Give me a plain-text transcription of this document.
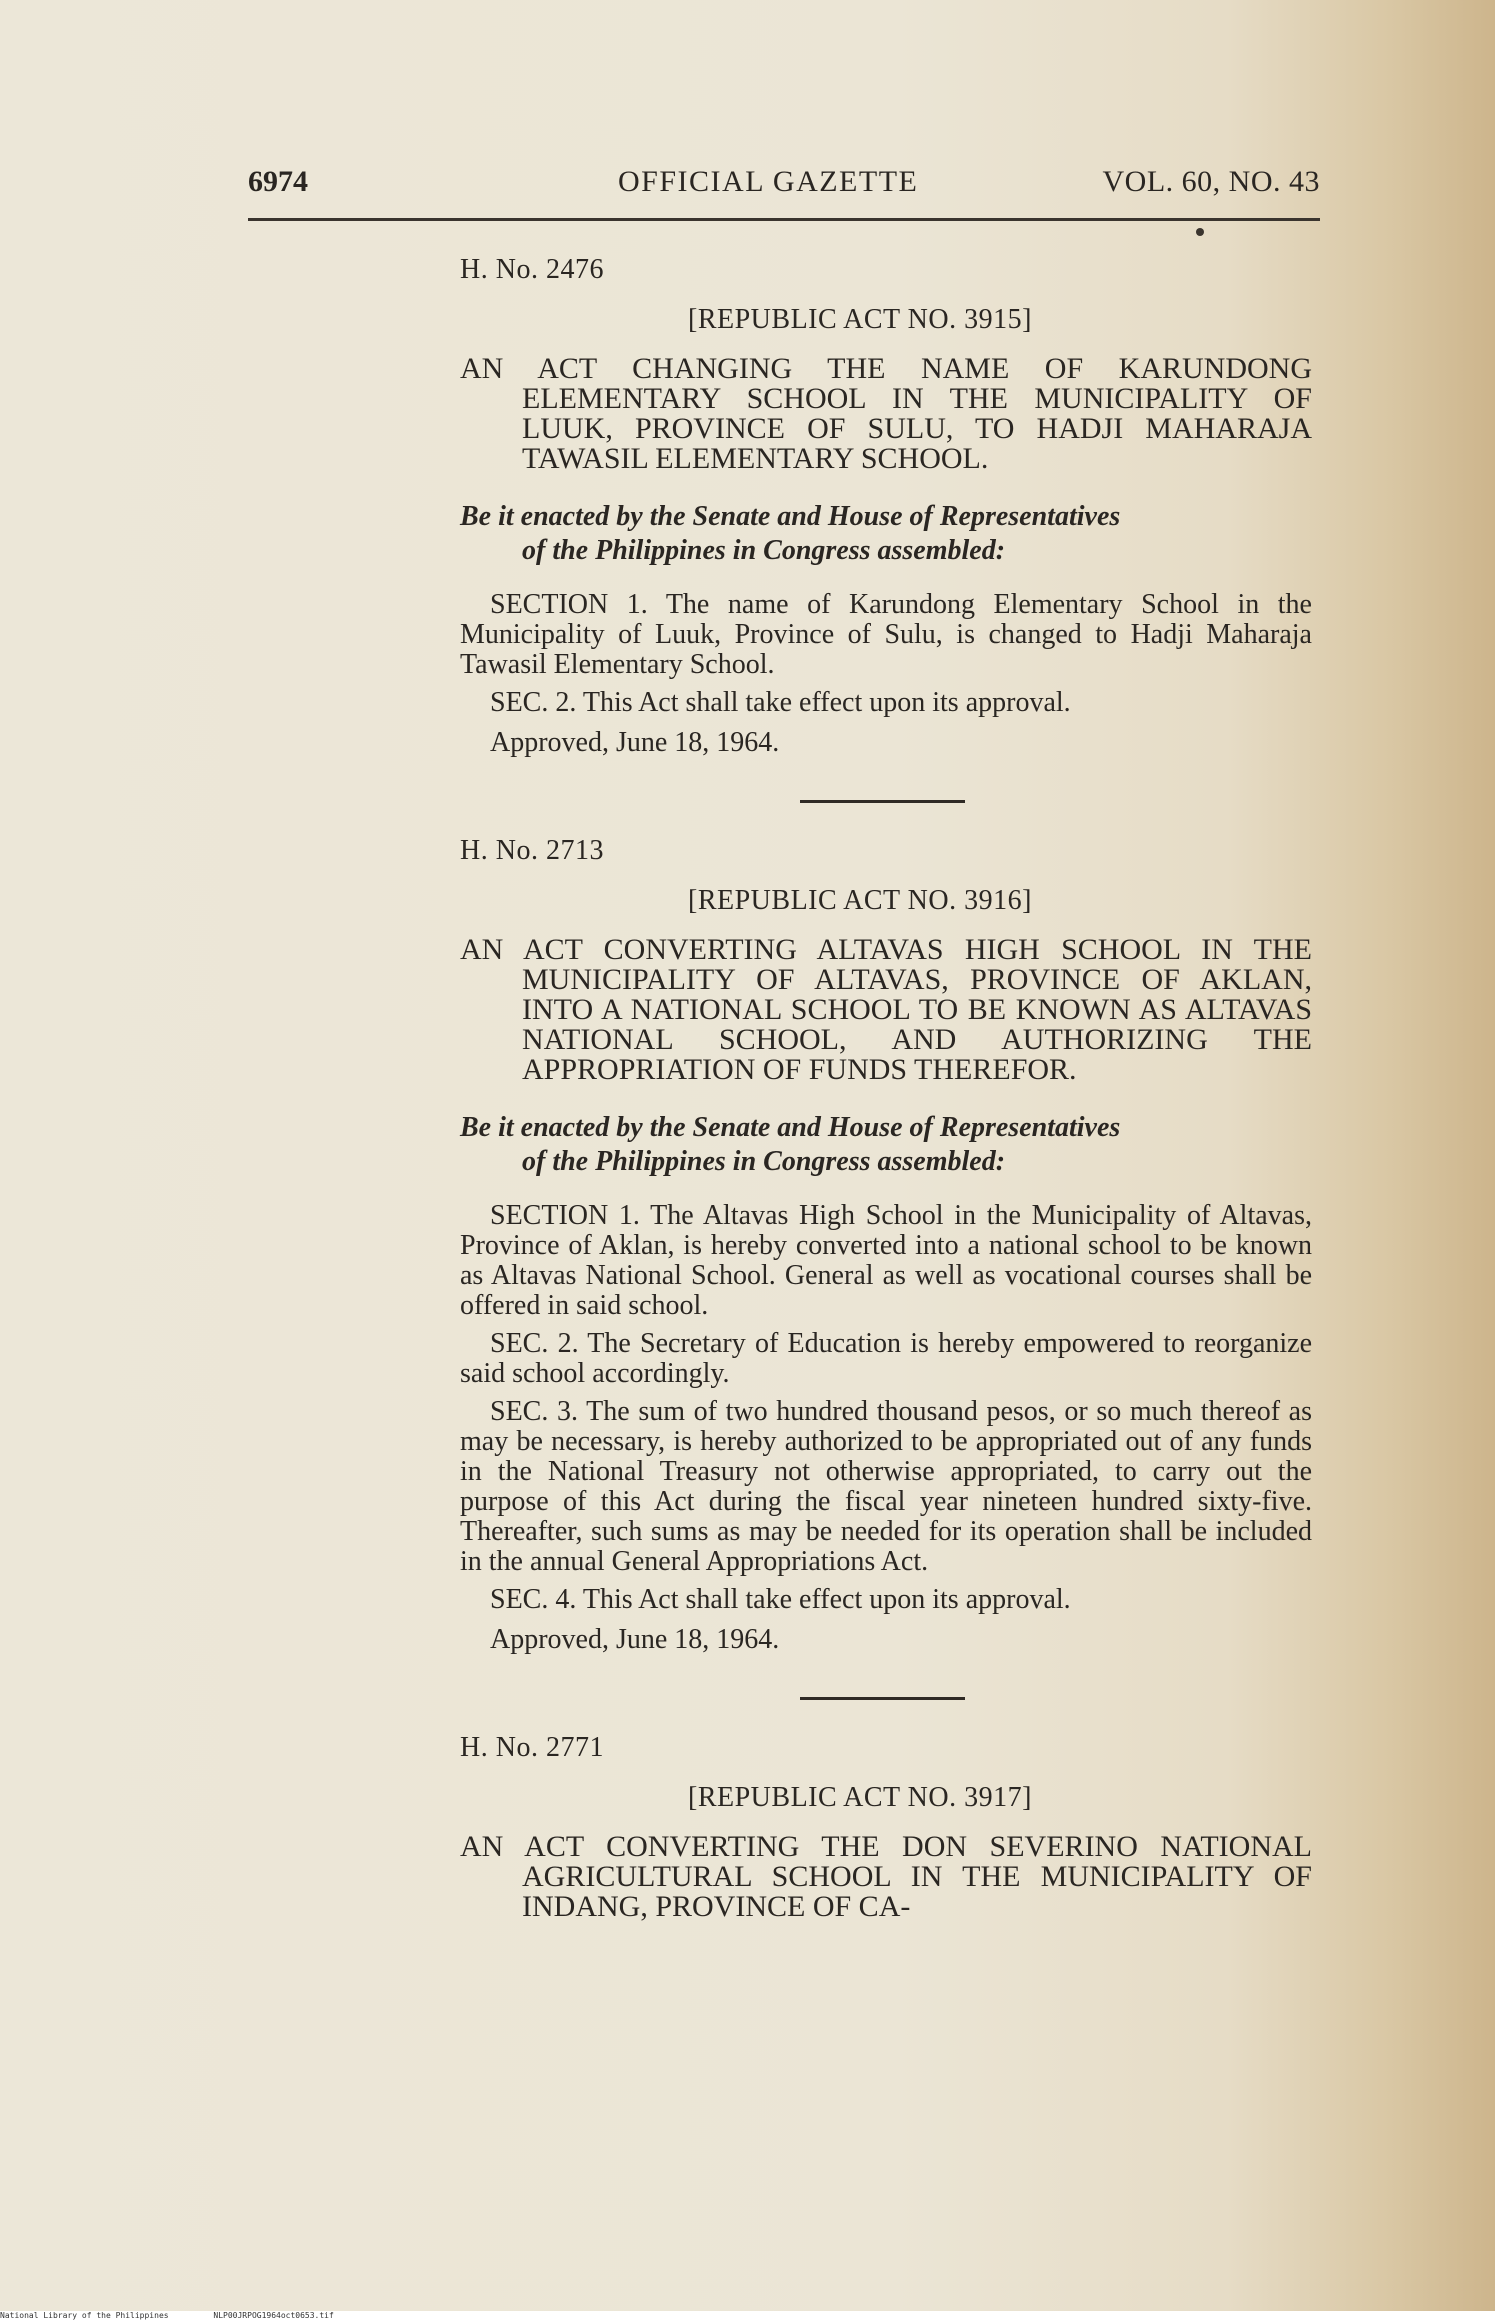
6974	OFFICIAL GAZETTE	VOL. 60, NO. 43

H. No. 2476

[REPUBLIC ACT NO. 3915]

AN ACT CHANGING THE NAME OF KARUNDONG ELEMENTARY SCHOOL IN THE MUNICIPALITY OF LUUK, PROVINCE OF SULU, TO HADJI MAHARAJA TAWASIL ELEMENTARY SCHOOL.

Be it enacted by the Senate and House of Representatives
of the Philippines in Congress assembled:

SECTION 1. The name of Karundong Elementary School in the Municipality of Luuk, Province of Sulu, is changed to Hadji Maharaja Tawasil Elementary School.

SEC. 2. This Act shall take effect upon its approval.

Approved, June 18, 1964.

H. No. 2713

[REPUBLIC ACT NO. 3916]

AN ACT CONVERTING ALTAVAS HIGH SCHOOL IN THE MUNICIPALITY OF ALTAVAS, PROVINCE OF AKLAN, INTO A NATIONAL SCHOOL TO BE KNOWN AS ALTAVAS NATIONAL SCHOOL, AND AUTHORIZING THE APPROPRIATION OF FUNDS THEREFOR.

Be it enacted by the Senate and House of Representatives
of the Philippines in Congress assembled:

SECTION 1. The Altavas High School in the Municipality of Altavas, Province of Aklan, is hereby converted into a national school to be known as Altavas National School. General as well as vocational courses shall be offered in said school.

SEC. 2. The Secretary of Education is hereby empowered to reorganize said school accordingly.

SEC. 3. The sum of two hundred thousand pesos, or so much thereof as may be necessary, is hereby authorized to be appropriated out of any funds in the National Treasury not otherwise appropriated, to carry out the purpose of this Act during the fiscal year nineteen hundred sixty-five. Thereafter, such sums as may be needed for its operation shall be included in the annual General Appropriations Act.

SEC. 4. This Act shall take effect upon its approval.

Approved, June 18, 1964.

H. No. 2771

[REPUBLIC ACT NO. 3917]

AN ACT CONVERTING THE DON SEVERINO NATIONAL AGRICULTURAL SCHOOL IN THE MUNICIPALITY OF INDANG, PROVINCE OF CA-

National Library of the Philippines	NLP00JRPOG1964oct0653.tif
